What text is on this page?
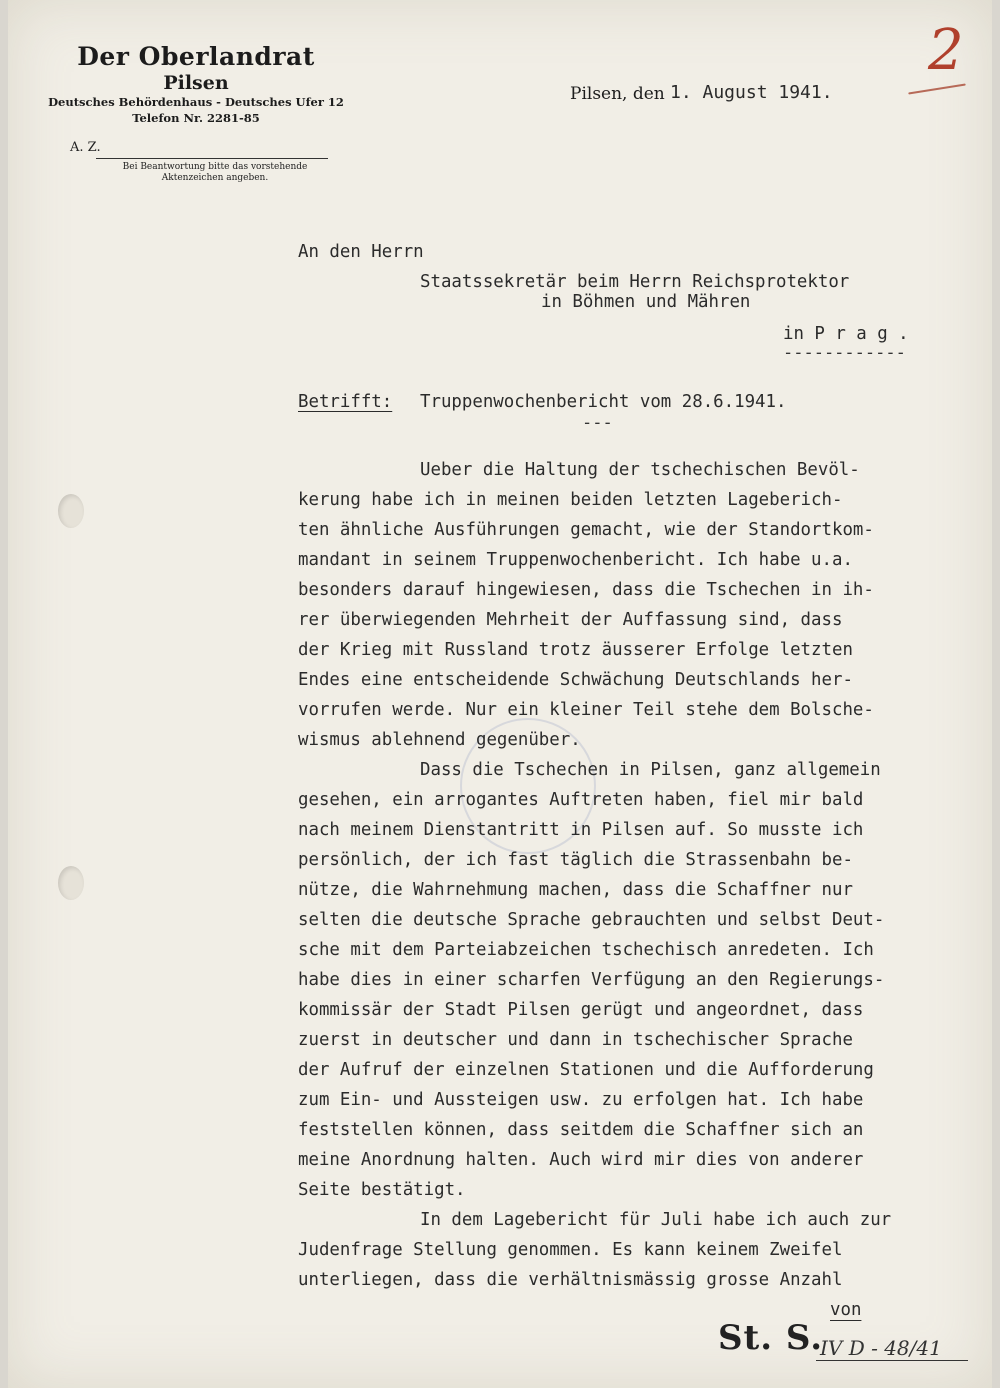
Der Oberlandrat
Pilsen
Deutsches Behördenhaus - Deutsches Ufer 12
Telefon Nr. 2281-85
A. Z.
Bei Beantwortung bitte das vorstehende
Aktenzeichen angeben.
Pilsen, den 1. August 1941.
2
An den Herrn
Staatssekretär beim Herrn Reichsprotektor
in Böhmen und Mähren
in P r a g .
------------
Betrifft: Truppenwochenbericht vom 28.6.1941.
---
Ueber die Haltung der tschechischen Bevöl-
kerung habe ich in meinen beiden letzten Lageberich-
ten ähnliche Ausführungen gemacht, wie der Standortkom-
mandant in seinem Truppenwochenbericht. Ich habe u.a.
besonders darauf hingewiesen, dass die Tschechen in ih-
rer überwiegenden Mehrheit der Auffassung sind, dass
der Krieg mit Russland trotz äusserer Erfolge letzten
Endes eine entscheidende Schwächung Deutschlands her-
vorrufen werde. Nur ein kleiner Teil stehe dem Bolsche-
wismus ablehnend gegenüber.
Dass die Tschechen in Pilsen, ganz allgemein
gesehen, ein arrogantes Auftreten haben, fiel mir bald
nach meinem Dienstantritt in Pilsen auf. So musste ich
persönlich, der ich fast täglich die Strassenbahn be-
nütze, die Wahrnehmung machen, dass die Schaffner nur
selten die deutsche Sprache gebrauchten und selbst Deut-
sche mit dem Parteiabzeichen tschechisch anredeten. Ich
habe dies in einer scharfen Verfügung an den Regierungs-
kommissär der Stadt Pilsen gerügt und angeordnet, dass
zuerst in deutscher und dann in tschechischer Sprache
der Aufruf der einzelnen Stationen und die Aufforderung
zum Ein- und Aussteigen usw. zu erfolgen hat. Ich habe
feststellen können, dass seitdem die Schaffner sich an
meine Anordnung halten. Auch wird mir dies von anderer
Seite bestätigt.
In dem Lagebericht für Juli habe ich auch zur
Judenfrage Stellung genommen. Es kann keinem Zweifel
unterliegen, dass die verhältnismässig grosse Anzahl
von
St. S.
IV D - 48/41
